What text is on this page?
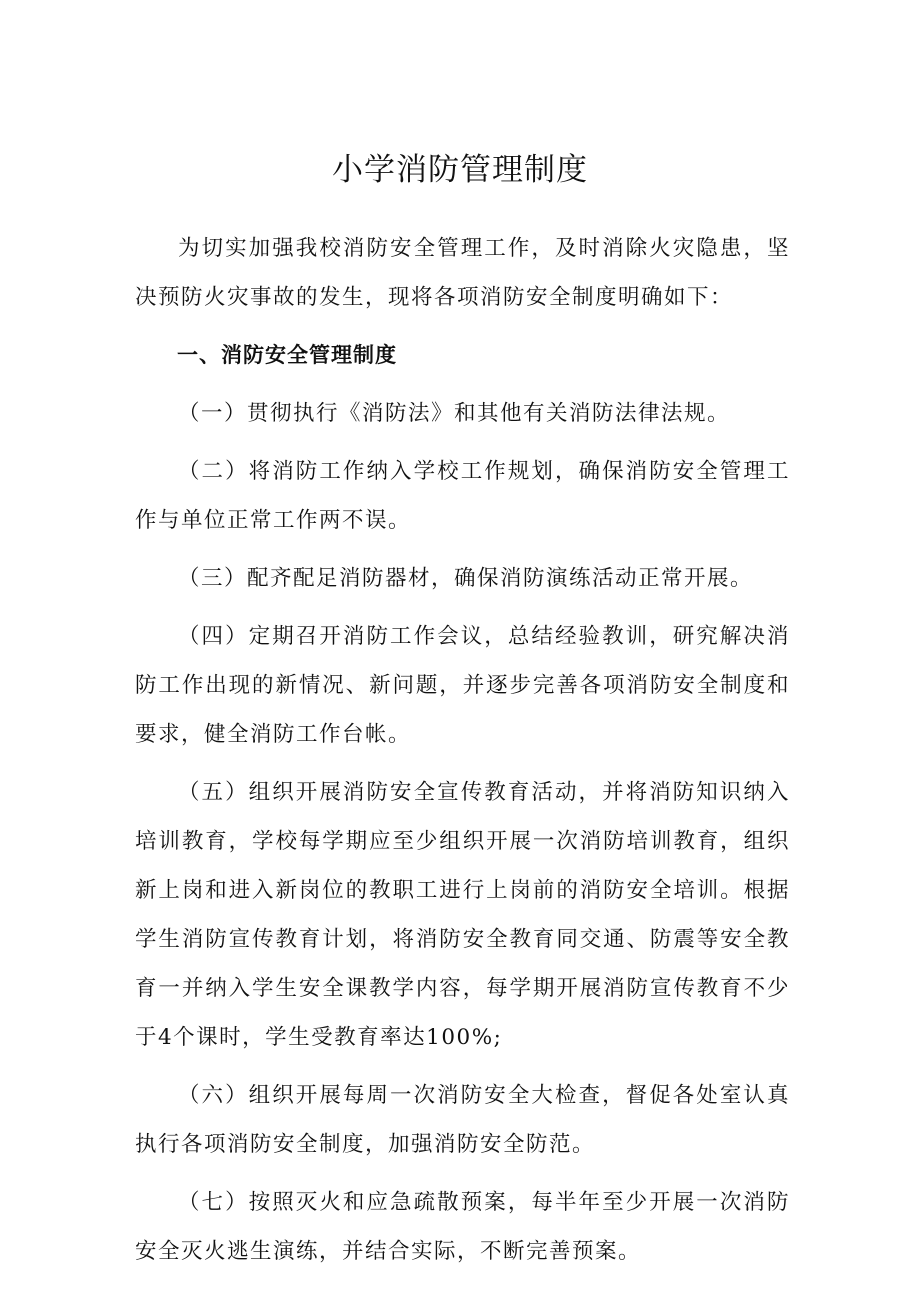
小学消防管理制度

为切实加强我校消防安全管理工作，及时消除火灾隐患，坚决预防火灾事故的发生，现将各项消防安全制度明确如下：

一、消防安全管理制度

（一）贯彻执行《消防法》和其他有关消防法律法规。

（二）将消防工作纳入学校工作规划，确保消防安全管理工作与单位正常工作两不误。

（三）配齐配足消防器材，确保消防演练活动正常开展。

（四）定期召开消防工作会议，总结经验教训，研究解决消防工作出现的新情况、新问题，并逐步完善各项消防安全制度和要求，健全消防工作台帐。

（五）组织开展消防安全宣传教育活动，并将消防知识纳入培训教育，学校每学期应至少组织开展一次消防培训教育，组织新上岗和进入新岗位的教职工进行上岗前的消防安全培训。根据学生消防宣传教育计划，将消防安全教育同交通、防震等安全教育一并纳入学生安全课教学内容，每学期开展消防宣传教育不少于4个课时，学生受教育率达100%;

（六）组织开展每周一次消防安全大检查，督促各处室认真执行各项消防安全制度，加强消防安全防范。

（七）按照灭火和应急疏散预案，每半年至少开展一次消防安全灭火逃生演练，并结合实际，不断完善预案。
